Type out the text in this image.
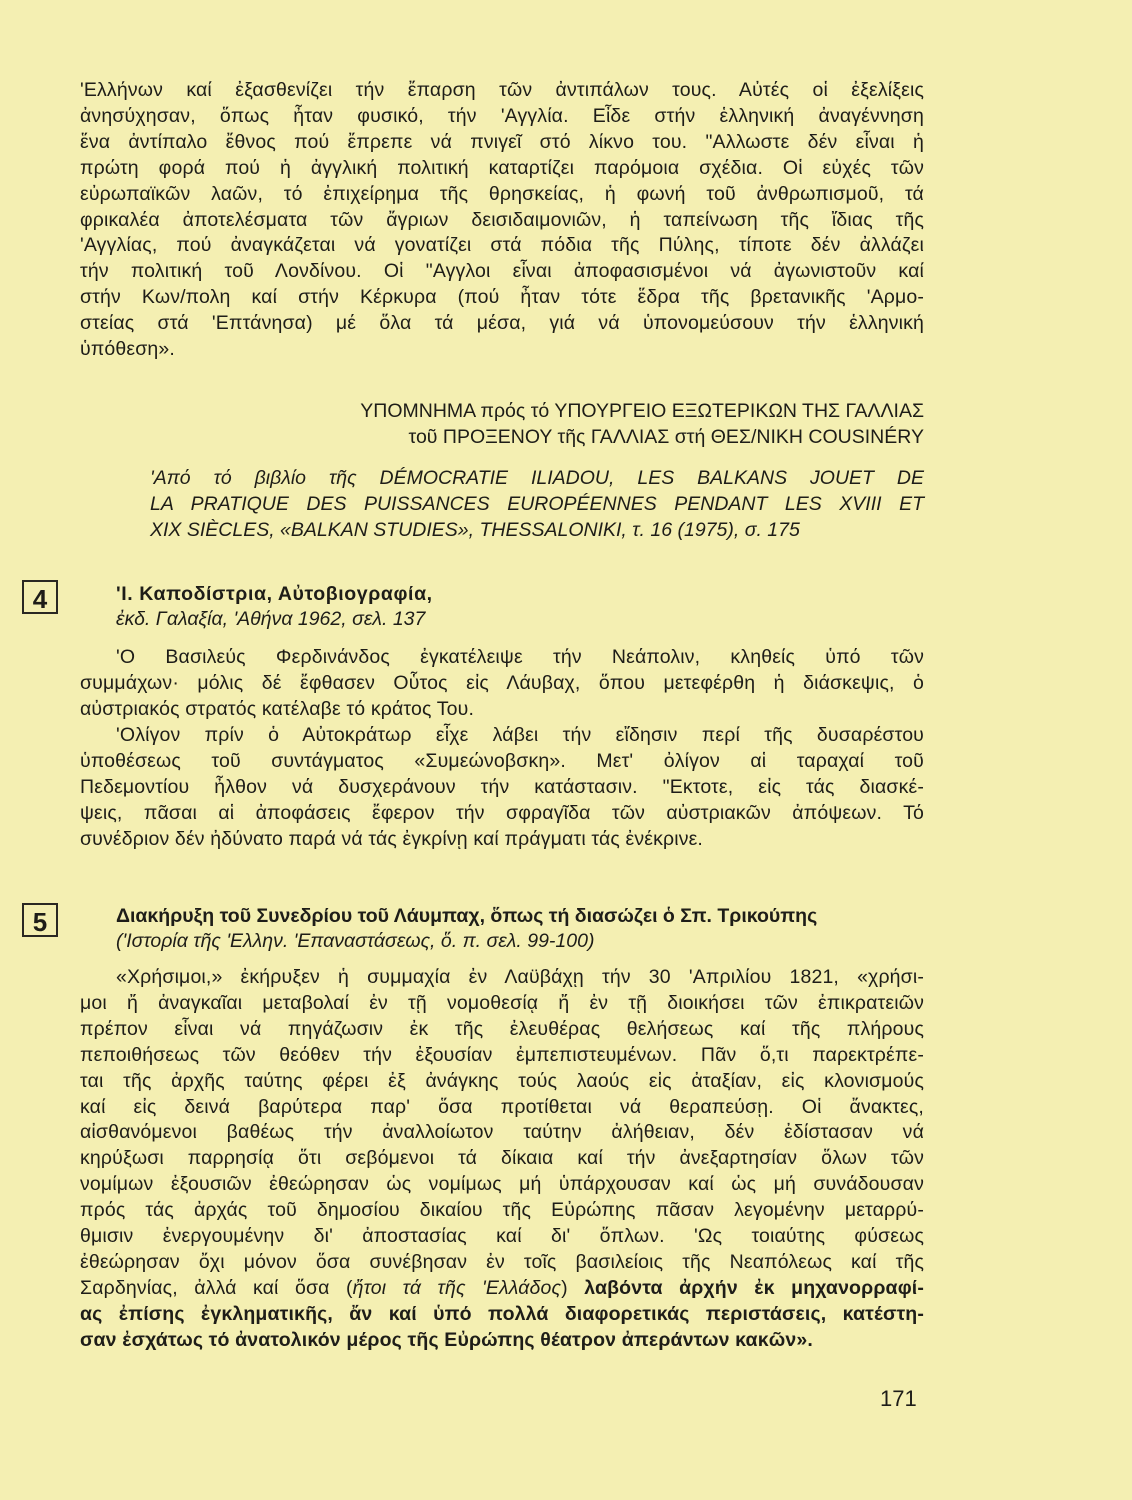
'Ελλήνων καί ἐξασθενίζει τήν ἔπαρση τῶν ἀντιπάλων τους. Αὐτές οἱ ἐξελίξεις
ἀνησύχησαν, ὅπως ἦταν φυσικό, τήν 'Αγγλία. Εἶδε στήν ἑλληνική ἀναγέννηση
ἕνα ἀντίπαλο ἔθνος πού ἔπρεπε νά πνιγεῖ στό λίκνο του. "Αλλωστε δέν εἶναι ἡ
πρώτη φορά πού ἡ ἀγγλική πολιτική καταρτίζει παρόμοια σχέδια. Οἱ εὐχές τῶν
εὐρωπαϊκῶν λαῶν, τό ἐπιχείρημα τῆς θρησκείας, ἡ φωνή τοῦ ἀνθρωπισμοῦ, τά
φρικαλέα ἀποτελέσματα τῶν ἄγριων δεισιδαιμονιῶν, ἡ ταπείνωση τῆς ἴδιας τῆς
'Αγγλίας, πού ἀναγκάζεται νά γονατίζει στά πόδια τῆς Πύλης, τίποτε δέν ἀλλάζει
τήν πολιτική τοῦ Λονδίνου. Οἱ "Αγγλοι εἶναι ἀποφασισμένοι νά ἀγωνιστοῦν καί
στήν Κων/πολη καί στήν Κέρκυρα (πού ἦταν τότε ἕδρα τῆς βρετανικῆς 'Αρμο-
στείας στά 'Επτάνησα) μέ ὅλα τά μέσα, γιά νά ὑπονομεύσουν τήν ἑλληνική
ὑπόθεση».
ΥΠΟΜΝΗΜΑ πρός τό ΥΠΟΥΡΓΕΙΟ ΕΞΩΤΕΡΙΚΩΝ ΤΗΣ ΓΑΛΛΙΑΣ
τοῦ ΠΡΟΞΕΝΟΥ τῆς ΓΑΛΛΙΑΣ στή ΘΕΣ/ΝΙΚΗ COUSINÉRY
'Από τό βιβλίο τῆς DÉMOCRATIE ILIADOU, LES BALKANS JOUET DE
LA PRATIQUE DES PUISSANCES EUROPÉENNES PENDANT LES XVIII ET
XIX SIÈCLES, «BALKAN STUDIES», THESSALONIKI, τ. 16 (1975), σ. 175
4	'Ι. Καποδίστρια, Αὐτοβιογραφία,
ἐκδ. Γαλαξία, 'Αθήνα 1962, σελ. 137
'Ο Βασιλεύς Φερδινάνδος ἐγκατέλειψε τήν Νεάπολιν, κληθείς ὑπό τῶν
συμμάχων· μόλις δέ ἔφθασεν Οὗτος εἰς Λάυβαχ, ὅπου μετεφέρθη ἡ διάσκεψις, ὁ
αὐστριακός στρατός κατέλαβε τό κράτος Του.
'Ολίγον πρίν ὁ Αὐτοκράτωρ εἶχε λάβει τήν εἴδησιν περί τῆς δυσαρέστου
ὑποθέσεως τοῦ συντάγματος «Συμεώνοβσκη». Μετ' ὀλίγον αἱ ταραχαί τοῦ
Πεδεμοντίου ἦλθον νά δυσχεράνουν τήν κατάστασιν. "Εκτοτε, εἰς τάς διασκέ-
ψεις, πᾶσαι αἱ ἀποφάσεις ἔφερον τήν σφραγῖδα τῶν αὐστριακῶν ἀπόψεων. Τό
συνέδριον δέν ἠδύνατο παρά νά τάς ἐγκρίνῃ καί πράγματι τάς ἐνέκρινε.
5	Διακήρυξη τοῦ Συνεδρίου τοῦ Λάυμπαχ, ὅπως τή διασώζει ὁ Σπ. Τρικούπης
('Ιστορία τῆς 'Ελλην. 'Επαναστάσεως, ὅ. π. σελ. 99-100)
«Χρήσιμοι,» ἐκήρυξεν ἡ συμμαχία ἐν Λαϋβάχῃ τήν 30 'Απριλίου 1821, «χρήσι-
μοι ἤ ἀναγκαῖαι μεταβολαί ἐν τῇ νομοθεσίᾳ ἤ ἐν τῇ διοικήσει τῶν ἐπικρατειῶν
πρέπον εἶναι νά πηγάζωσιν ἐκ τῆς ἐλευθέρας θελήσεως καί τῆς πλήρους
πεποιθήσεως τῶν θεόθεν τήν ἐξουσίαν ἐμπεπιστευμένων. Πᾶν ὅ,τι παρεκτρέπε-
ται τῆς ἀρχῆς ταύτης φέρει ἐξ ἀνάγκης τούς λαούς εἰς ἀταξίαν, εἰς κλονισμούς
καί εἰς δεινά βαρύτερα παρ' ὅσα προτίθεται νά θεραπεύσῃ. Οἱ ἄνακτες,
αἰσθανόμενοι βαθέως τήν ἀναλλοίωτον ταύτην ἀλήθειαν, δέν ἐδίστασαν νά
κηρύξωσι παρρησίᾳ ὅτι σεβόμενοι τά δίκαια καί τήν ἀνεξαρτησίαν ὅλων τῶν
νομίμων ἐξουσιῶν ἐθεώρησαν ὡς νομίμως μή ὑπάρχουσαν καί ὡς μή συνάδουσαν
πρός τάς ἀρχάς τοῦ δημοσίου δικαίου τῆς Εὐρώπης πᾶσαν λεγομένην μεταρρύ-
θμισιν ἐνεργουμένην δι' ἀποστασίας καί δι' ὅπλων. 'Ως τοιαύτης φύσεως
ἐθεώρησαν ὄχι μόνον ὅσα συνέβησαν ἐν τοῖς βασιλείοις τῆς Νεαπόλεως καί τῆς
Σαρδηνίας, ἀλλά καί ὅσα (ἤτοι τά τῆς 'Ελλάδος) λαβόντα ἀρχήν ἐκ μηχανορραφί-
ας ἐπίσης ἐγκληματικῆς, ἄν καί ὑπό πολλά διαφορετικάς περιστάσεις, κατέστη-
σαν ἐσχάτως τό ἀνατολικόν μέρος τῆς Εὐρώπης θέατρον ἀπεράντων κακῶν».
171
